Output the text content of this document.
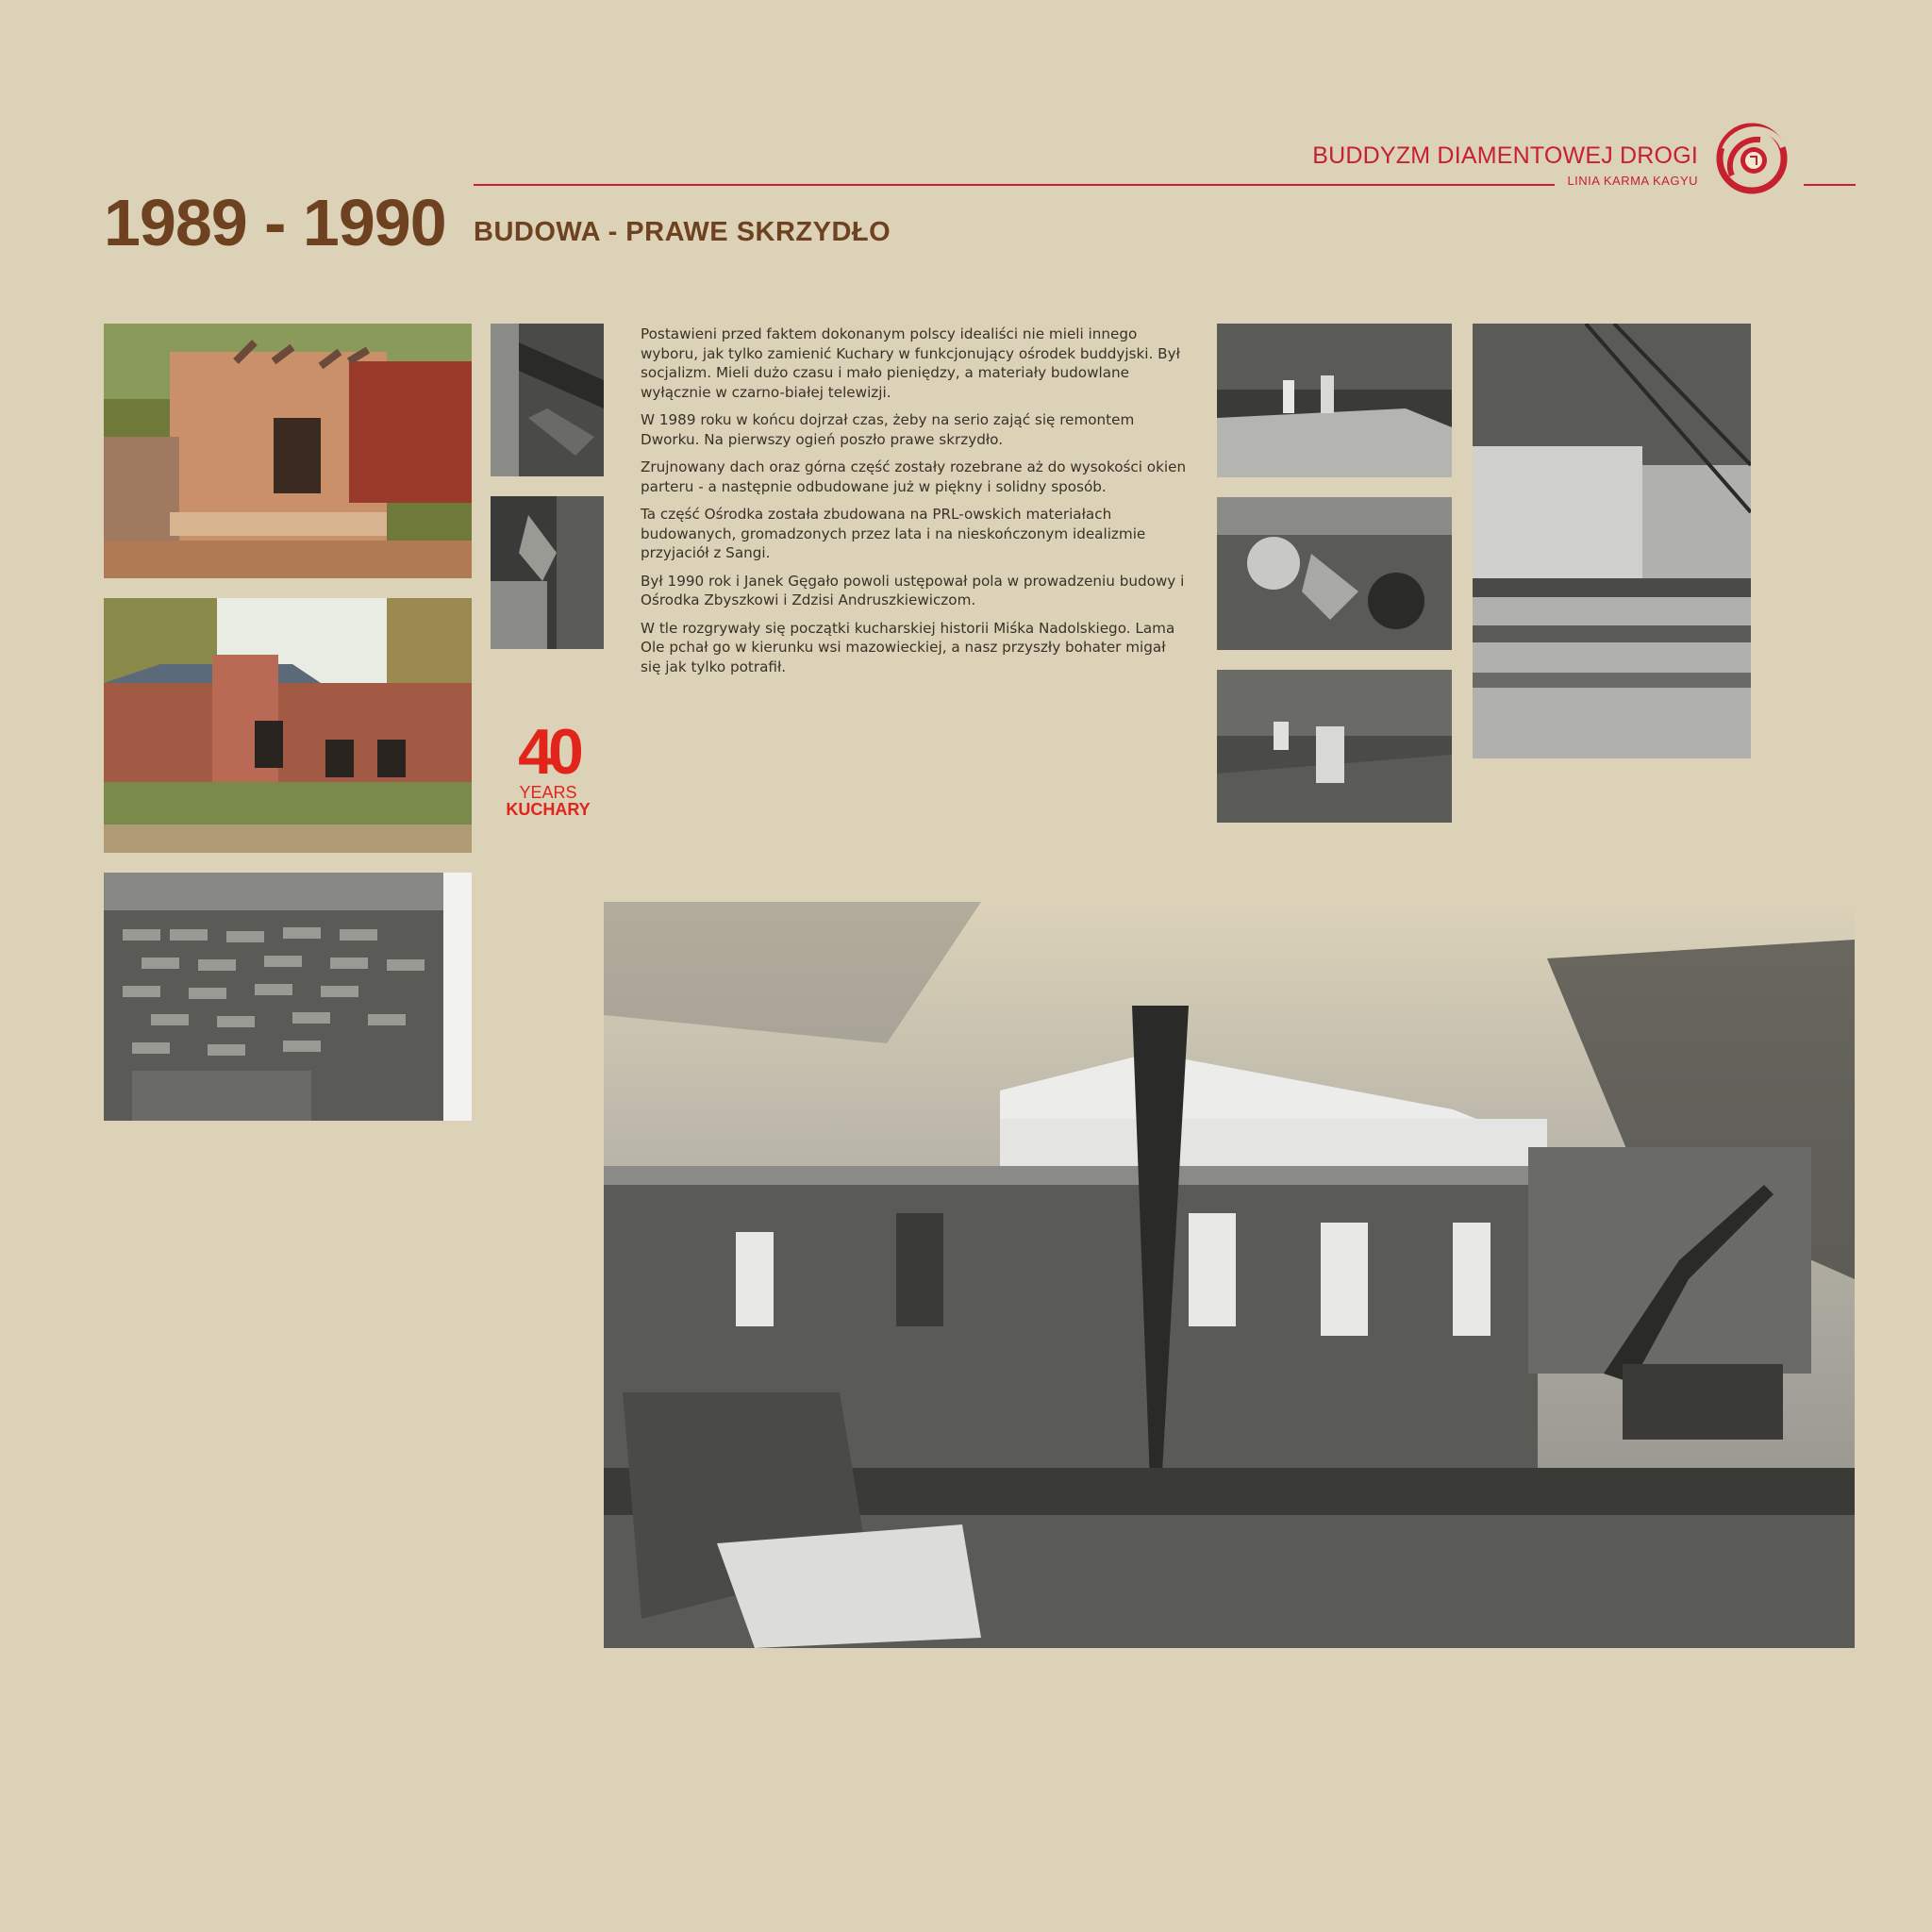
BUDDYZM DIAMENTOWEJ DROGI
LINIA KARMA KAGYU
1989 - 1990 BUDOWA - PRAWE SKRZYDŁO
40
YEARS
KUCHARY

Postawieni przed faktem dokonanym polscy idealiści nie mieli innego wyboru, jak tylko zamienić Kuchary w funkcjonujący ośrodek buddyjski. Był socjalizm. Mieli dużo czasu i mało pieniędzy, a materiały budowlane wyłącznie w czarno-białej telewizji.

W 1989 roku w końcu dojrzał czas, żeby na serio zająć się remontem Dworku. Na pierwszy ogień poszło prawe skrzydło.

Zrujnowany dach oraz górna część zostały rozebrane aż do wysokości okien parteru - a następnie odbudowane już w piękny i solidny sposób.

Ta część Ośrodka została zbudowana na PRL-owskich materiałach budowanych, gromadzonych przez lata i na nieskończonym idealizmie przyjaciół z Sangi.

Był 1990 rok i Janek Gęgało powoli ustępował pola w prowadzeniu budowy i Ośrodka Zbyszkowi i Zdzisi Andruszkiewiczom.

W tle rozgrywały się początki kucharskiej historii Miśka Nadolskiego. Lama Ole pchał go w kierunku wsi mazowieckiej, a nasz przyszły bohater migał się jak tylko potrafił.
